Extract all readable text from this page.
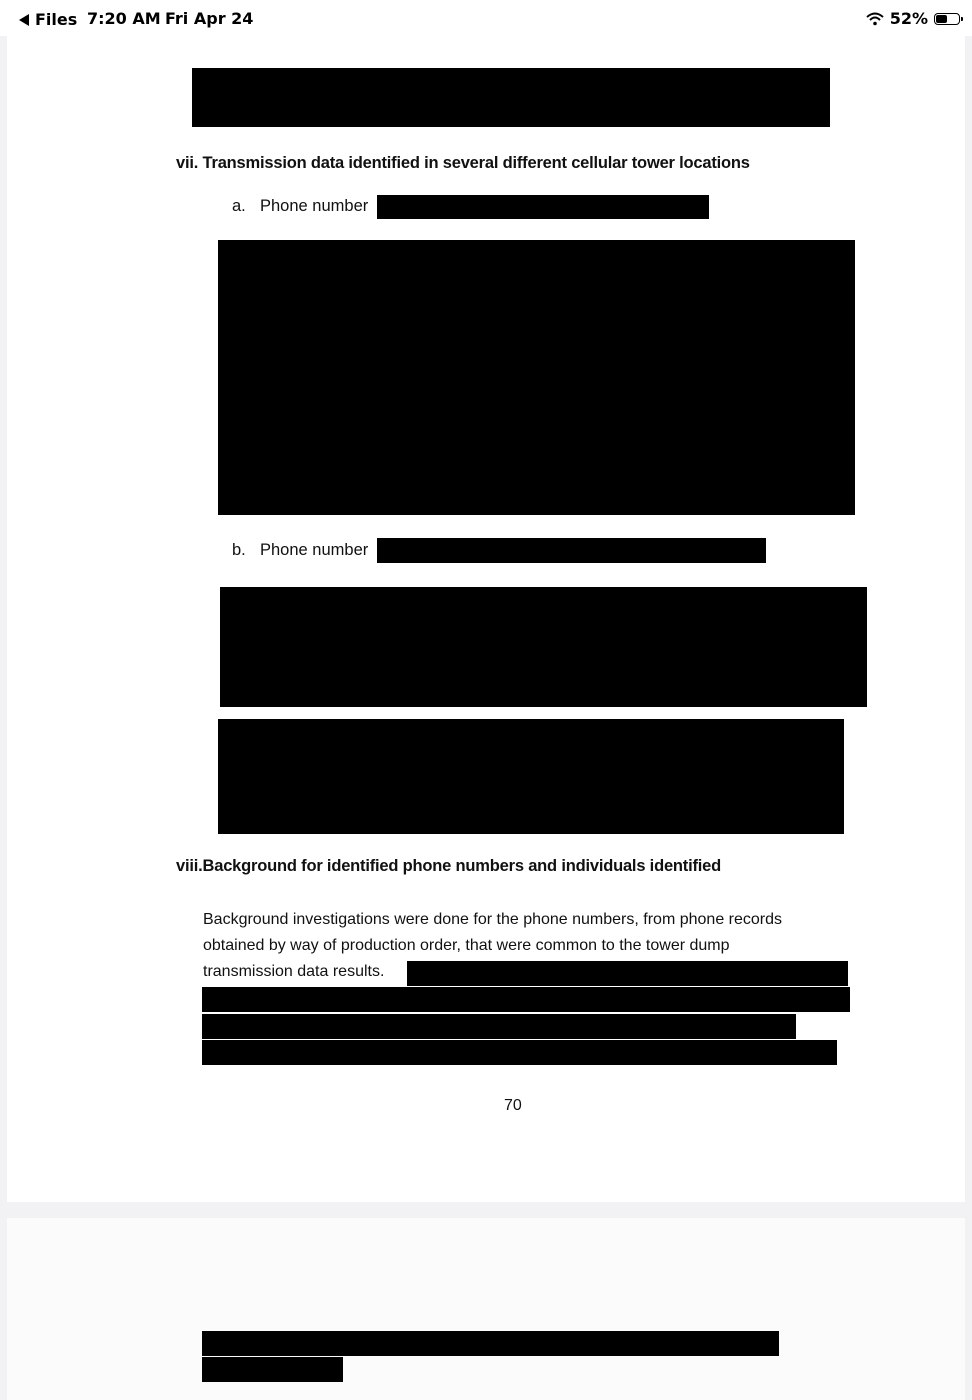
Files 7:20 AM Fri Apr 24	52%
vii. Transmission data identified in several different cellular tower locations
a. Phone number
b. Phone number
viii.Background for identified phone numbers and individuals identified
Background investigations were done for the phone numbers, from phone records
obtained by way of production order, that were common to the tower dump
transmission data results.
70
